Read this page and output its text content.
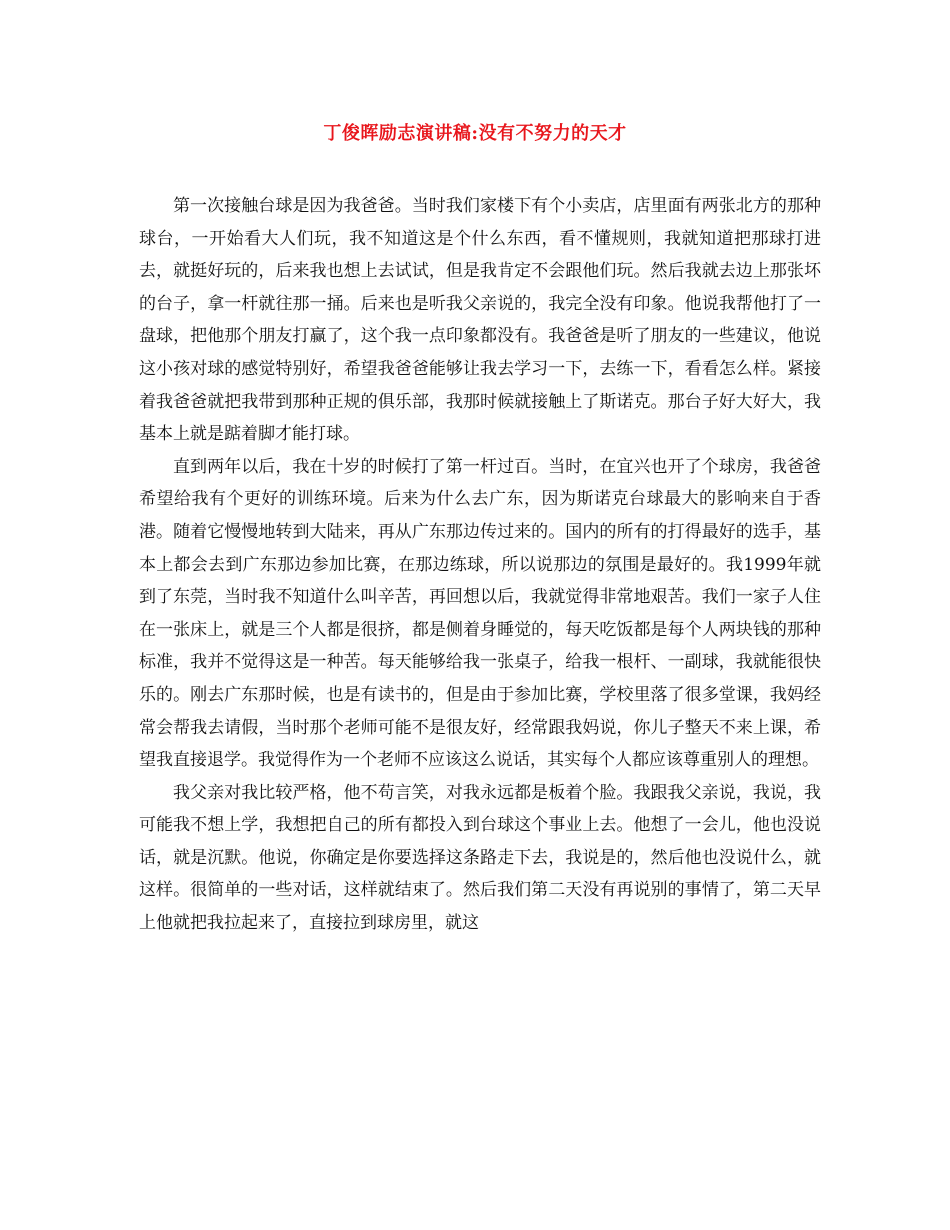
丁俊晖励志演讲稿:没有不努力的天才

第一次接触台球是因为我爸爸。当时我们家楼下有个小卖店，店里面有两张北方的那种球台，一开始看大人们玩，我不知道这是个什么东西，看不懂规则，我就知道把那球打进去，就挺好玩的，后来我也想上去试试，但是我肯定不会跟他们玩。然后我就去边上那张坏的台子，拿一杆就往那一捅。后来也是听我父亲说的，我完全没有印象。他说我帮他打了一盘球，把他那个朋友打赢了，这个我一点印象都没有。我爸爸是听了朋友的一些建议，他说这小孩对球的感觉特别好，希望我爸爸能够让我去学习一下，去练一下，看看怎么样。紧接着我爸爸就把我带到那种正规的俱乐部，我那时候就接触上了斯诺克。那台子好大好大，我基本上就是踮着脚才能打球。

直到两年以后，我在十岁的时候打了第一杆过百。当时，在宜兴也开了个球房，我爸爸希望给我有个更好的训练环境。后来为什么去广东，因为斯诺克台球最大的影响来自于香港。随着它慢慢地转到大陆来，再从广东那边传过来的。国内的所有的打得最好的选手，基本上都会去到广东那边参加比赛，在那边练球，所以说那边的氛围是最好的。我1999年就到了东莞，当时我不知道什么叫辛苦，再回想以后，我就觉得非常地艰苦。我们一家子人住在一张床上，就是三个人都是很挤，都是侧着身睡觉的，每天吃饭都是每个人两块钱的那种标准，我并不觉得这是一种苦。每天能够给我一张桌子，给我一根杆、一副球，我就能很快乐的。刚去广东那时候，也是有读书的，但是由于参加比赛，学校里落了很多堂课，我妈经常会帮我去请假，当时那个老师可能不是很友好，经常跟我妈说，你儿子整天不来上课，希望我直接退学。我觉得作为一个老师不应该这么说话，其实每个人都应该尊重别人的理想。

我父亲对我比较严格，他不苟言笑，对我永远都是板着个脸。我跟我父亲说，我说，我可能我不想上学，我想把自己的所有都投入到台球这个事业上去。他想了一会儿，他也没说话，就是沉默。他说，你确定是你要选择这条路走下去，我说是的，然后他也没说什么，就这样。很简单的一些对话，这样就结束了。然后我们第二天没有再说别的事情了，第二天早上他就把我拉起来了，直接拉到球房里，就这
